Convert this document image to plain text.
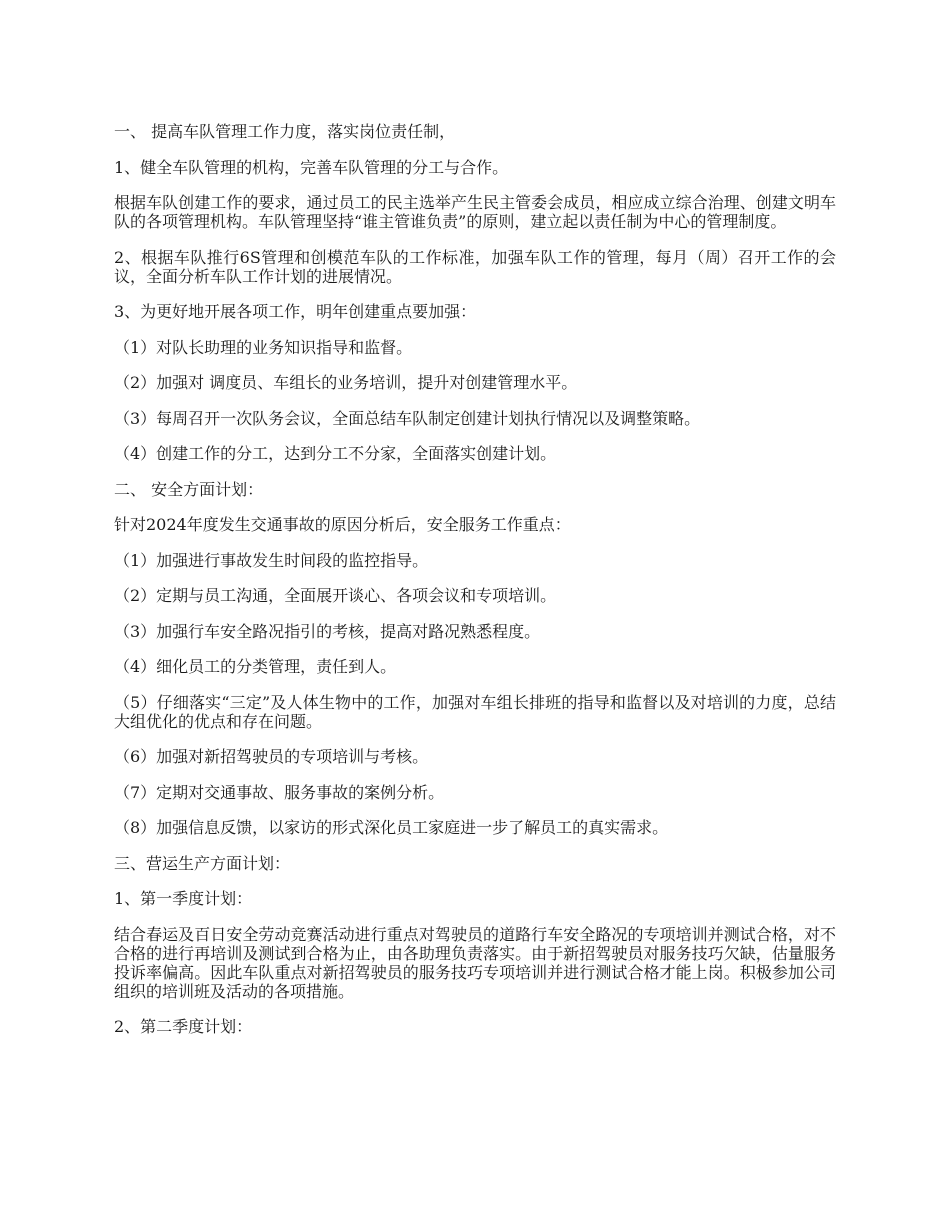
一、 提高车队管理工作力度，落实岗位责任制，

1、健全车队管理的机构，完善车队管理的分工与合作。

根据车队创建工作的要求，通过员工的民主选举产生民主管委会成员，相应成立综合治理、创建文明车队的各项管理机构。车队管理坚持“谁主管谁负责”的原则，建立起以责任制为中心的管理制度。

2、根据车队推行6S管理和创模范车队的工作标准，加强车队工作的管理，每月（周）召开工作的会议，全面分析车队工作计划的进展情况。

3、为更好地开展各项工作，明年创建重点要加强：

（1）对队长助理的业务知识指导和监督。

（2）加强对 调度员、车组长的业务培训，提升对创建管理水平。

（3）每周召开一次队务会议，全面总结车队制定创建计划执行情况以及调整策略。

（4）创建工作的分工，达到分工不分家，全面落实创建计划。

二、 安全方面计划：

针对2024年度发生交通事故的原因分析后，安全服务工作重点：

（1）加强进行事故发生时间段的监控指导。

（2）定期与员工沟通，全面展开谈心、各项会议和专项培训。

（3）加强行车安全路况指引的考核，提高对路况熟悉程度。

（4）细化员工的分类管理，责任到人。

（5）仔细落实“三定”及人体生物中的工作，加强对车组长排班的指导和监督以及对培训的力度，总结大组优化的优点和存在问题。

（6）加强对新招驾驶员的专项培训与考核。

（7）定期对交通事故、服务事故的案例分析。

（8）加强信息反馈，以家访的形式深化员工家庭进一步了解员工的真实需求。

三、营运生产方面计划：

1、第一季度计划：

结合春运及百日安全劳动竞赛活动进行重点对驾驶员的道路行车安全路况的专项培训并测试合格，对不合格的进行再培训及测试到合格为止，由各助理负责落实。由于新招驾驶员对服务技巧欠缺，估量服务投诉率偏高。因此车队重点对新招驾驶员的服务技巧专项培训并进行测试合格才能上岗。积极参加公司组织的培训班及活动的各项措施。

2、第二季度计划：
